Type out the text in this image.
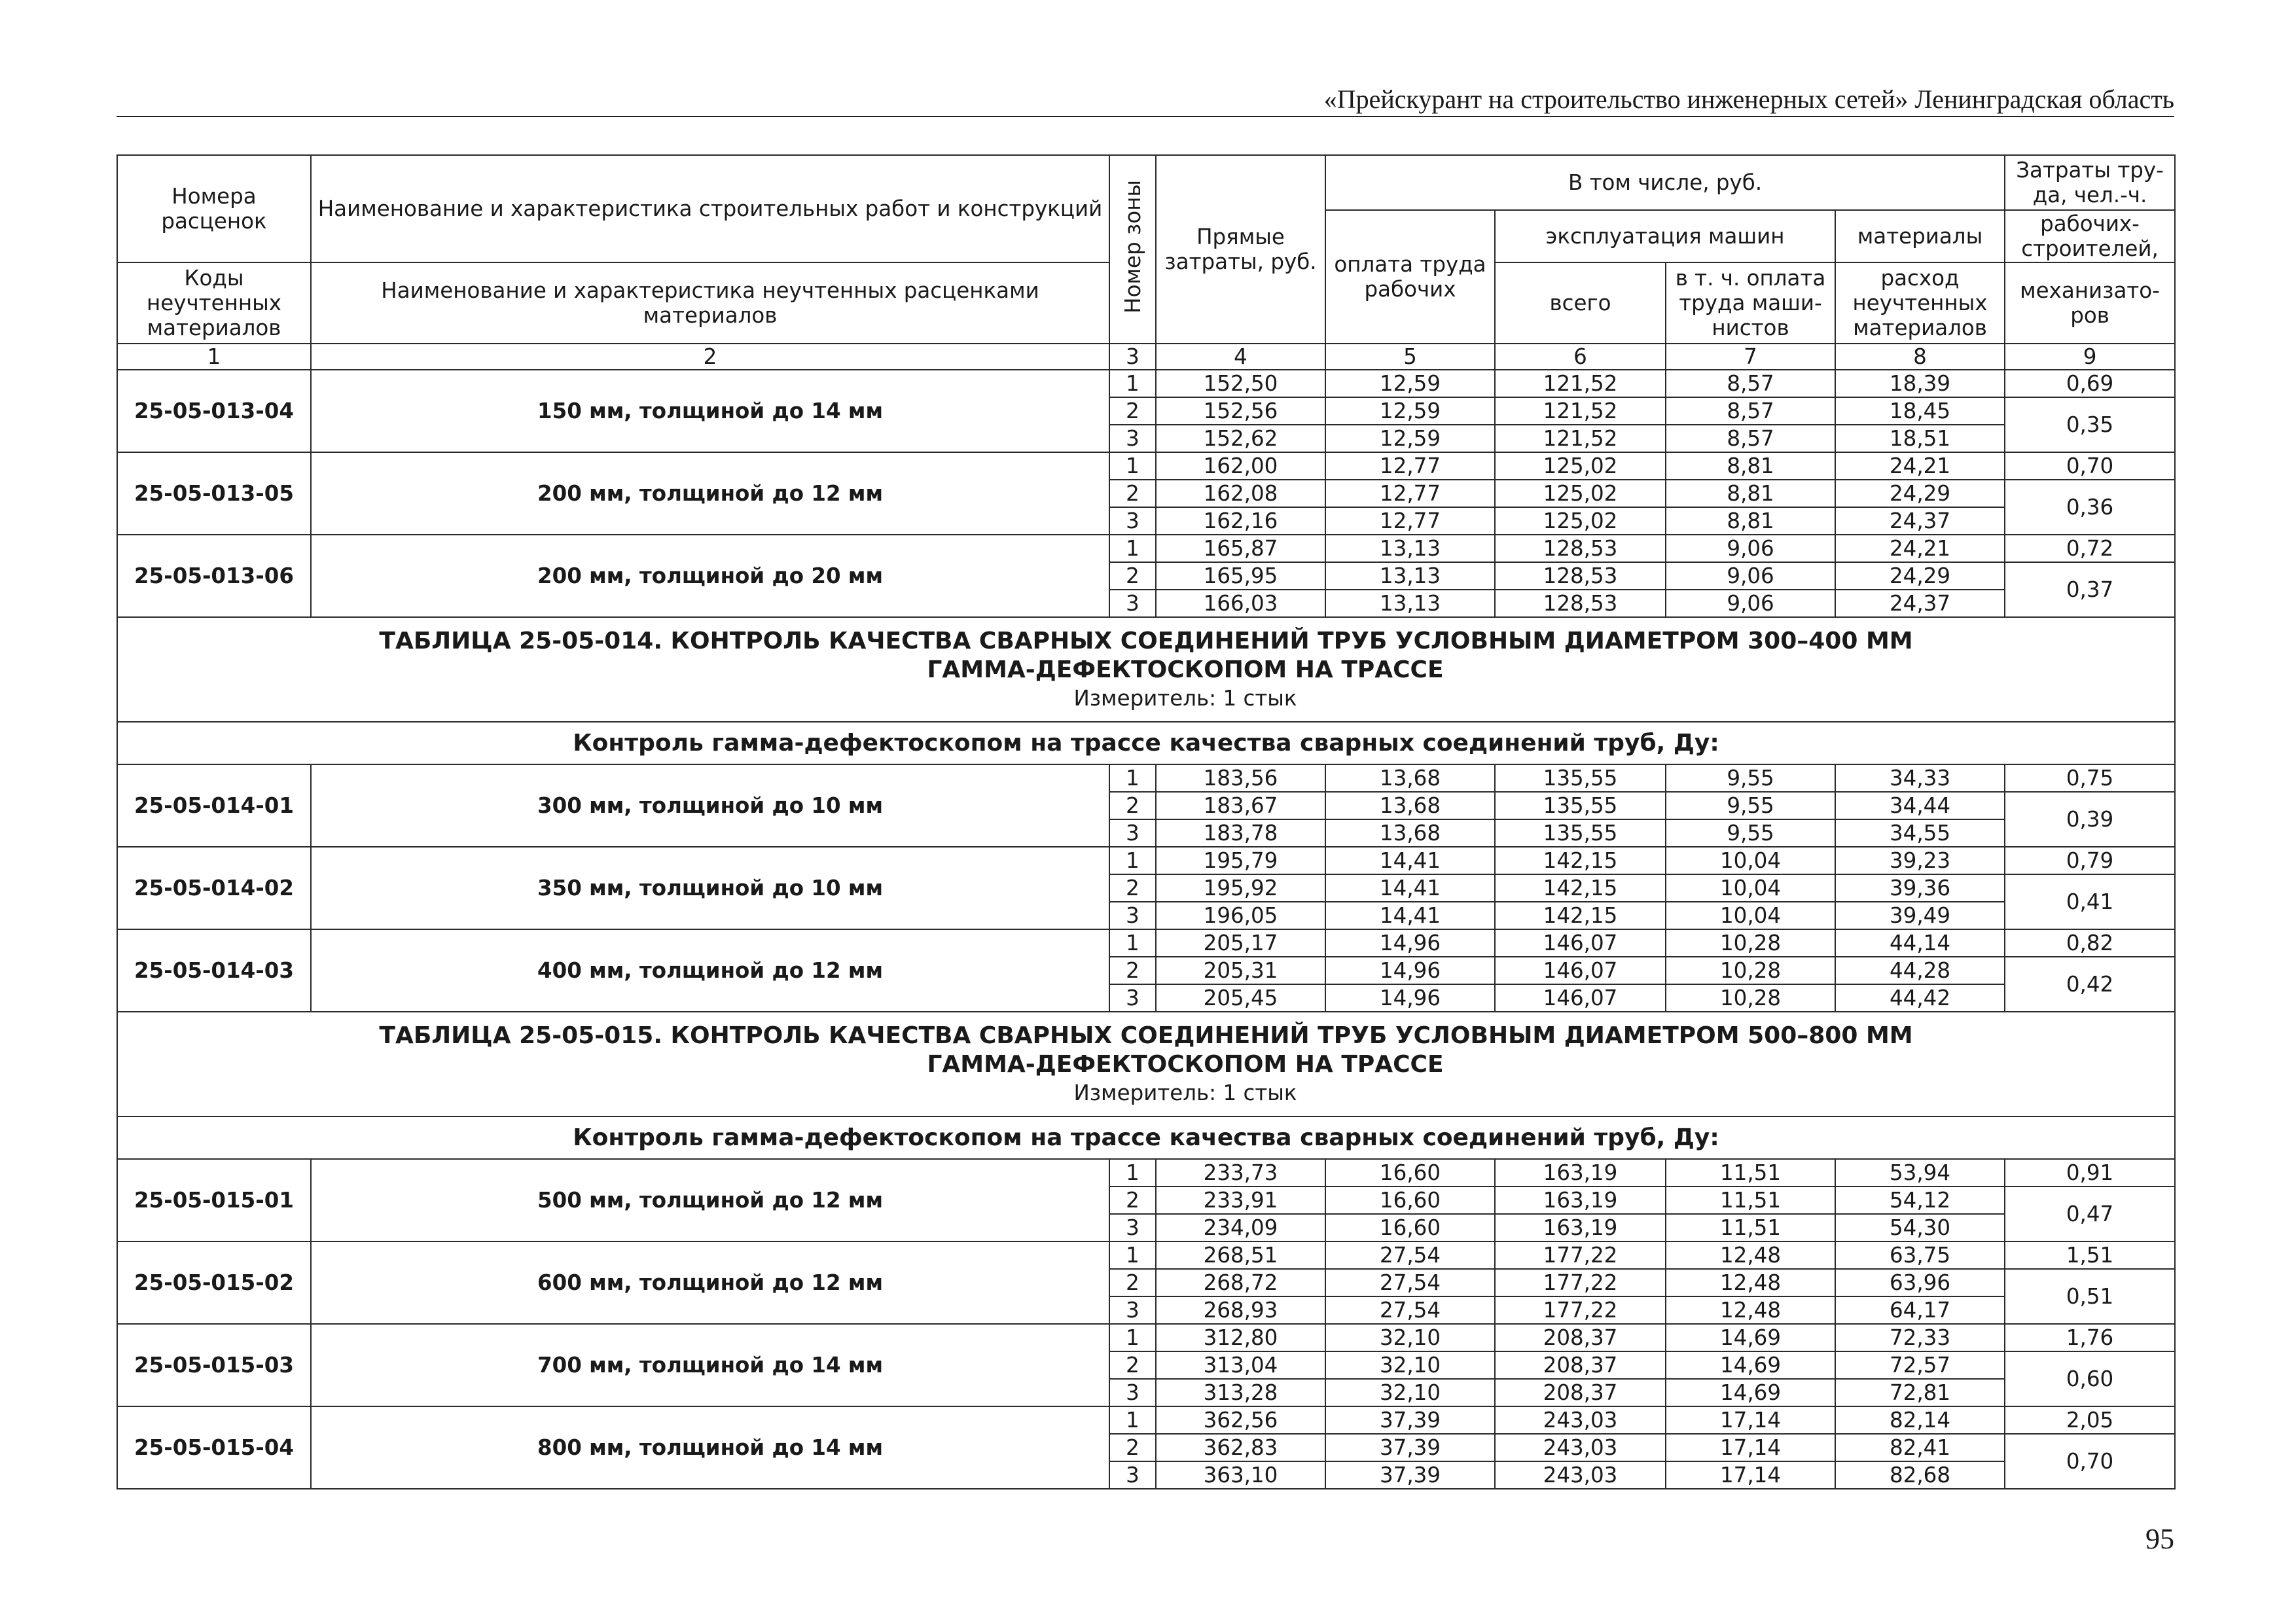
«Прейскурант на строительство инженерных сетей» Ленинградская область
Номера расценок	Наименование и характеристика строительных работ и конструкций	Номер зоны	Прямые затраты, руб.	В том числе, руб.				Затраты тру-да, чел.-ч.
				оплата труда рабочих	эксплуатация машин		материалы	рабочих-строителей,
Коды неучтенных материалов	Наименование и характеристика неучтенных расценками материалов				всего	в т. ч. оплата труда маши-нистов	расход неучтенных материалов	механизато-ров
1	2	3	4	5	6	7	8	9
25-05-013-04	150 мм, толщиной до 14 мм	1	152,50	12,59	121,52	8,57	18,39	0,69
		2	152,56	12,59	121,52	8,57	18,45	0,35
		3	152,62	12,59	121,52	8,57	18,51	
25-05-013-05	200 мм, толщиной до 12 мм	1	162,00	12,77	125,02	8,81	24,21	0,70
		2	162,08	12,77	125,02	8,81	24,29	0,36
		3	162,16	12,77	125,02	8,81	24,37	
25-05-013-06	200 мм, толщиной до 20 мм	1	165,87	13,13	128,53	9,06	24,21	0,72
		2	165,95	13,13	128,53	9,06	24,29	0,37
		3	166,03	13,13	128,53	9,06	24,37	

ТАБЛИЦА 25-05-014. КОНТРОЛЬ КАЧЕСТВА СВАРНЫХ СОЕДИНЕНИЙ ТРУБ УСЛОВНЫМ ДИАМЕТРОМ 300–400 ММ
ГАММА-ДЕФЕКТОСКОПОМ НА ТРАССЕ
Измеритель: 1 стык								

Контроль гамма-дефектоскопом на трассе качества сварных соединений труб, Ду:								
25-05-014-01	300 мм, толщиной до 10 мм	1	183,56	13,68	135,55	9,55	34,33	0,75
		2	183,67	13,68	135,55	9,55	34,44	0,39
		3	183,78	13,68	135,55	9,55	34,55	
25-05-014-02	350 мм, толщиной до 10 мм	1	195,79	14,41	142,15	10,04	39,23	0,79
		2	195,92	14,41	142,15	10,04	39,36	0,41
		3	196,05	14,41	142,15	10,04	39,49	
25-05-014-03	400 мм, толщиной до 12 мм	1	205,17	14,96	146,07	10,28	44,14	0,82
		2	205,31	14,96	146,07	10,28	44,28	0,42
		3	205,45	14,96	146,07	10,28	44,42	

ТАБЛИЦА 25-05-015. КОНТРОЛЬ КАЧЕСТВА СВАРНЫХ СОЕДИНЕНИЙ ТРУБ УСЛОВНЫМ ДИАМЕТРОМ 500–800 ММ
ГАММА-ДЕФЕКТОСКОПОМ НА ТРАССЕ
Измеритель: 1 стык								

Контроль гамма-дефектоскопом на трассе качества сварных соединений труб, Ду:								
25-05-015-01	500 мм, толщиной до 12 мм	1	233,73	16,60	163,19	11,51	53,94	0,91
		2	233,91	16,60	163,19	11,51	54,12	0,47
		3	234,09	16,60	163,19	11,51	54,30	
25-05-015-02	600 мм, толщиной до 12 мм	1	268,51	27,54	177,22	12,48	63,75	1,51
		2	268,72	27,54	177,22	12,48	63,96	0,51
		3	268,93	27,54	177,22	12,48	64,17	
25-05-015-03	700 мм, толщиной до 14 мм	1	312,80	32,10	208,37	14,69	72,33	1,76
		2	313,04	32,10	208,37	14,69	72,57	0,60
		3	313,28	32,10	208,37	14,69	72,81	
25-05-015-04	800 мм, толщиной до 14 мм	1	362,56	37,39	243,03	17,14	82,14	2,05
		2	362,83	37,39	243,03	17,14	82,41	0,70
		3	363,10	37,39	243,03	17,14	82,68	
95
